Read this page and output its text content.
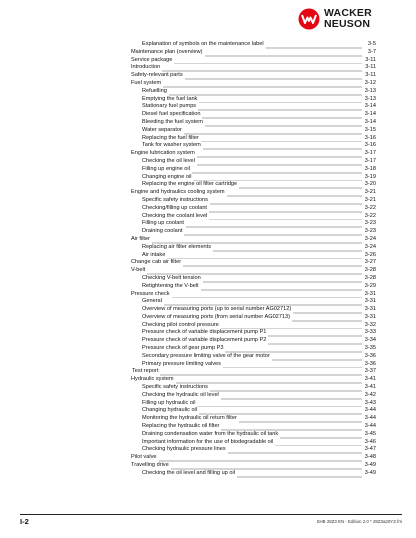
WACKER
NEUSON
Explanation of symbols on the maintenance label	3-5
Maintenance plan (overview)	3-7
Service package	3-11
Introduction	3-11
Safety-relevant parts	3-11
Fuel system	3-12
Refuelling	3-13
Emptying the fuel tank	3-13
Stationary fuel pumps	3-14
Diesel fuel specification	3-14
Bleeding the fuel system	3-14
Water separator	3-15
Replacing the fuel filter	3-16
Tank for washer system	3-16
Engine lubrication system	3-17
Checking the oil level	3-17
Filling up engine oil	3-18
Changing engine oil	3-19
Replacing the engine oil filter cartridge	3-20
Engine and hydraulics cooling system	3-21
Specific safety instructions	3-21
Checking/filling up coolant	3-22
Checking the coolant level	3-22
Filling up coolant	3-23
Draining coolant	3-23
Air filter	3-24
Replacing air filter elements	3-24
Air intake	3-26
Change cab air filter	3-27
V-belt	3-28
Checking V-belt tension	3-28
Retightening the V-belt	3-29
Pressure check	3-31
General	3-31
Overview of measuring ports (up to serial number AG02712)	3-31
Overview of measuring ports (from serial number AG02713)	3-31
Checking pilot control pressure	3-32
Pressure check of variable displacement pump P1	3-33
Pressure check of variable displacement pump P2	3-34
Pressure check of gear pump P3	3-35
Secondary pressure limiting valve of the gear motor	3-36
Primary pressure limiting valves	3-36
Test report	3-37
Hydraulic system	3-41
Specific safety instructions	3-41
Checking the hydraulic oil level	3-42
Filling up hydraulic oil	3-43
Changing hydraulic oil	3-44
Monitoring the hydraulic oil return filter	3-44
Replacing the hydraulic oil filter	3-44
Draining condensation water from the hydraulic oil tank	3-45
Important information for the use of biodegradable oil	3-46
Checking hydraulic pressure lines	3-47
Pilot valve	3-48
Travelling drive	3-49
Checking the oil level and filling up oil	3-49
I-2	SHB 28Z3 EN - Edition 2.0 * 28Z3a20YZ.fm
